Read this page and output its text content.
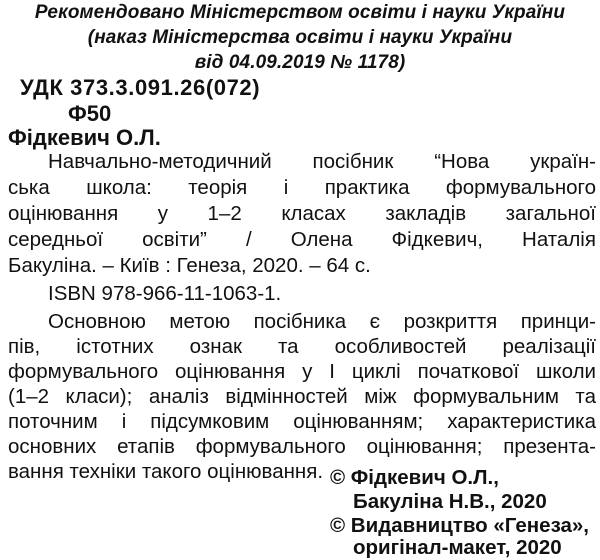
Рекомендовано Міністерством освіти і науки України
(наказ Міністерства освіти і науки України
від 04.09.2019 № 1178)
УДК 373.3.091.26(072)
Ф50
Фідкевич О.Л.
Навчально-методичний посібник “Нова україн-
ська школа: теорія і практика формувального
оцінювання у 1–2 класах закладів загальної
середньої освіти” / Олена Фідкевич, Наталія
Бакуліна. – Київ : Генеза, 2020. – 64 с.
ISBN 978-966-11-1063-1.
Основною метою посібника є розкриття принци-
пів, істотних ознак та особливостей реалізації
формувального оцінювання у І циклі початкової школи
(1–2 класи); аналіз відмінностей між формувальним та
поточним і підсумковим оцінюванням; характеристика
основних етапів формувального оцінювання; презента-
вання техніки такого оцінювання. © Фідкевич О.Л.,
Бакуліна Н.В., 2020
© Видавництво «Генеза»,
оригінал-макет, 2020
